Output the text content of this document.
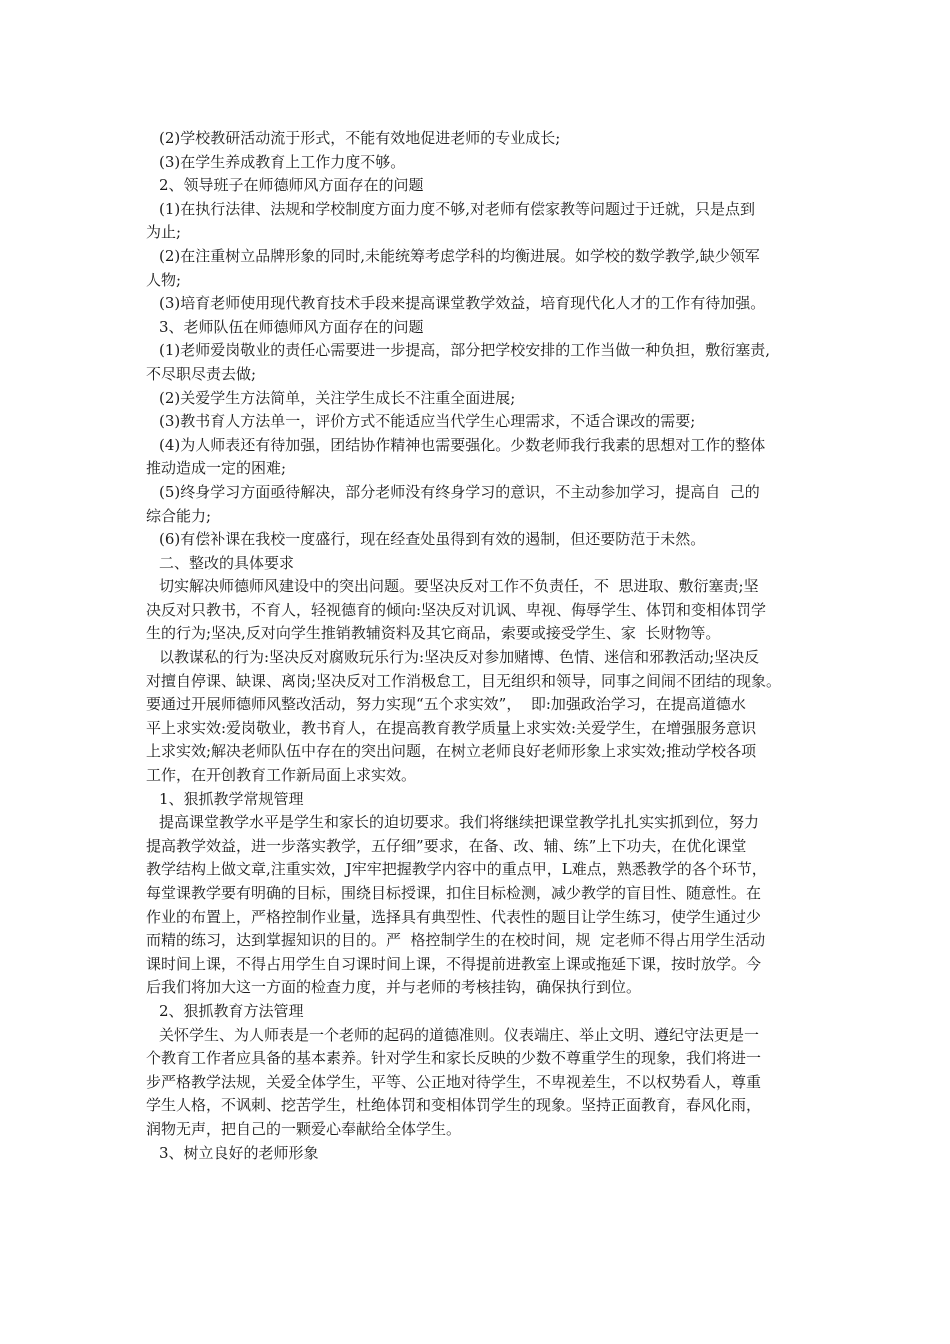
(2)学校教研活动流于形式，不能有效地促进老师的专业成长;
(3)在学生养成教育上工作力度不够。
2、领导班子在师德师风方面存在的问题
(1)在执行法律、法规和学校制度方面力度不够,对老师有偿家教等问题过于迁就，只是点到
为止;
(2)在注重树立品牌形象的同时,未能统筹考虑学科的均衡进展。如学校的数学教学,缺少领军
人物;
(3)培育老师使用现代教育技术手段来提高课堂教学效益，培育现代化人才的工作有待加强。
3、老师队伍在师德师风方面存在的问题
(1)老师爱岗敬业的责任心需要进一步提高，部分把学校安排的工作当做一种负担，敷衍塞责,
不尽职尽责去做;
(2)关爱学生方法简单，关注学生成长不注重全面进展;
(3)教书育人方法单一，评价方式不能适应当代学生心理需求，不适合课改的需要;
(4)为人师表还有待加强，团结协作精神也需要强化。少数老师我行我素的思想对工作的整体
推动造成一定的困难;
(5)终身学习方面亟待解决，部分老师没有终身学习的意识，不主动参加学习，提高自  己的
综合能力;
(6)有偿补课在我校一度盛行，现在经查处虽得到有效的遏制，但还要防范于未然。
二、整改的具体要求
切实解决师德师风建设中的突出问题。要坚决反对工作不负责任，不  思进取、敷衍塞责;坚
决反对只教书，不育人，轻视德育的倾向:坚决反对讥讽、卑视、侮辱学生、体罚和变相体罚学
生的行为;坚决,反对向学生推销教辅资料及其它商品，索要或接受学生、家  长财物等。
以教谋私的行为:坚决反对腐败玩乐行为:坚决反对参加赌博、色情、迷信和邪教活动;坚决反
对擅自停课、缺课、离岗;坚决反对工作消极怠工，目无组织和领导，同事之间闹不团结的现象。
要通过开展师德师风整改活动，努力实现“五个求实效”，  即:加强政治学习，在提高道德水
平上求实效:爱岗敬业，教书育人，在提高教育教学质量上求实效:关爱学生，在增强服务意识
上求实效;解决老师队伍中存在的突出问题，在树立老师良好老师形象上求实效;推动学校各项
工作，在开创教育工作新局面上求实效。
1、狠抓教学常规管理
提高课堂教学水平是学生和家长的迫切要求。我们将继续把课堂教学扎扎实实抓到位，努力
提高教学效益，进一步落实教学，五仔细”要求，在备、改、辅、练”上下功夫，在优化课堂
教学结构上做文章,注重实效，J牢牢把握教学内容中的重点甲，L难点，熟悉教学的各个环节，
每堂课教学要有明确的目标，围绕目标授课，扣住目标检测，减少教学的盲目性、随意性。在
作业的布置上，严格控制作业量，选择具有典型性、代表性的题目让学生练习，使学生通过少
而精的练习，达到掌握知识的目的。严  格控制学生的在校时间，规  定老师不得占用学生活动
课时间上课，不得占用学生自习课时间上课，不得提前进教室上课或拖延下课，按时放学。今
后我们将加大这一方面的检查力度，并与老师的考核挂钩，确保执行到位。
2、狠抓教育方法管理
关怀学生、为人师表是一个老师的起码的道德准则。仪表端庄、举止文明、遵纪守法更是一
个教育工作者应具备的基本素养。针对学生和家长反映的少数不尊重学生的现象，我们将进一
步严格教学法规，关爱全体学生，平等、公正地对待学生，不卑视差生，不以权势看人，尊重
学生人格，不讽刺、挖苦学生，杜绝体罚和变相体罚学生的现象。坚持正面教育，春风化雨，
润物无声，把自己的一颗爱心奉献给全体学生。
3、树立良好的老师形象
